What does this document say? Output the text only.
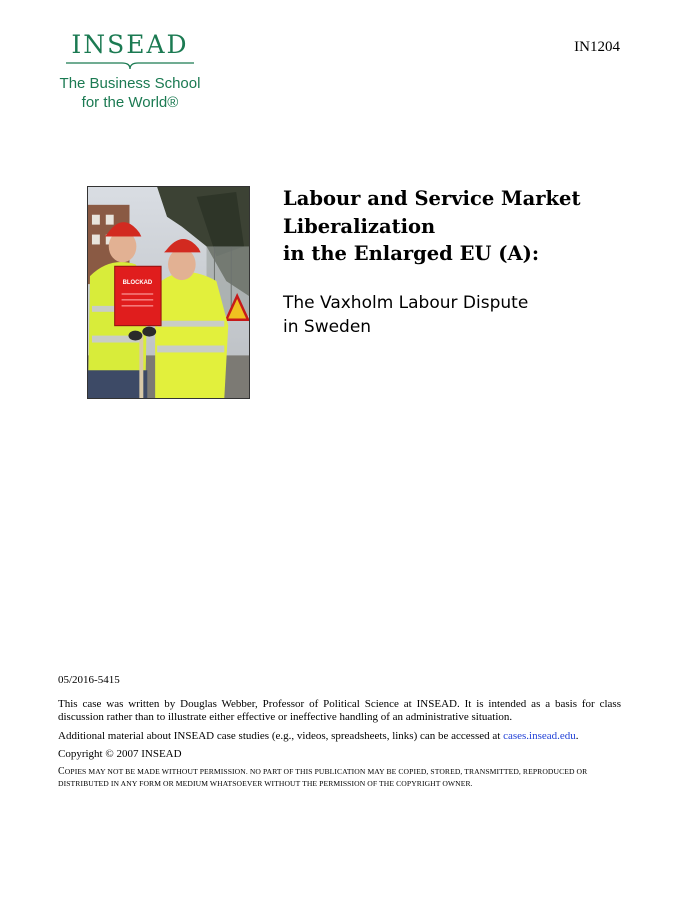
INSEAD
The Business School
for the World®
IN1204
BLOCKAD
Labour and Service Market
Liberalization
in the Enlarged EU (A):
The Vaxholm Labour Dispute
in Sweden

05/2016-5415

This case was written by Douglas Webber, Professor of Political Science at INSEAD. It is intended as a basis for class discussion rather than to illustrate either effective or ineffective handling of an administrative situation.

Additional material about INSEAD case studies (e.g., videos, spreadsheets, links) can be accessed at cases.insead.edu.

Copyright © 2007 INSEAD

COPIES MAY NOT BE MADE WITHOUT PERMISSION. NO PART OF THIS PUBLICATION MAY BE COPIED, STORED, TRANSMITTED, REPRODUCED OR DISTRIBUTED IN ANY FORM OR MEDIUM WHATSOEVER WITHOUT THE PERMISSION OF THE COPYRIGHT OWNER.
